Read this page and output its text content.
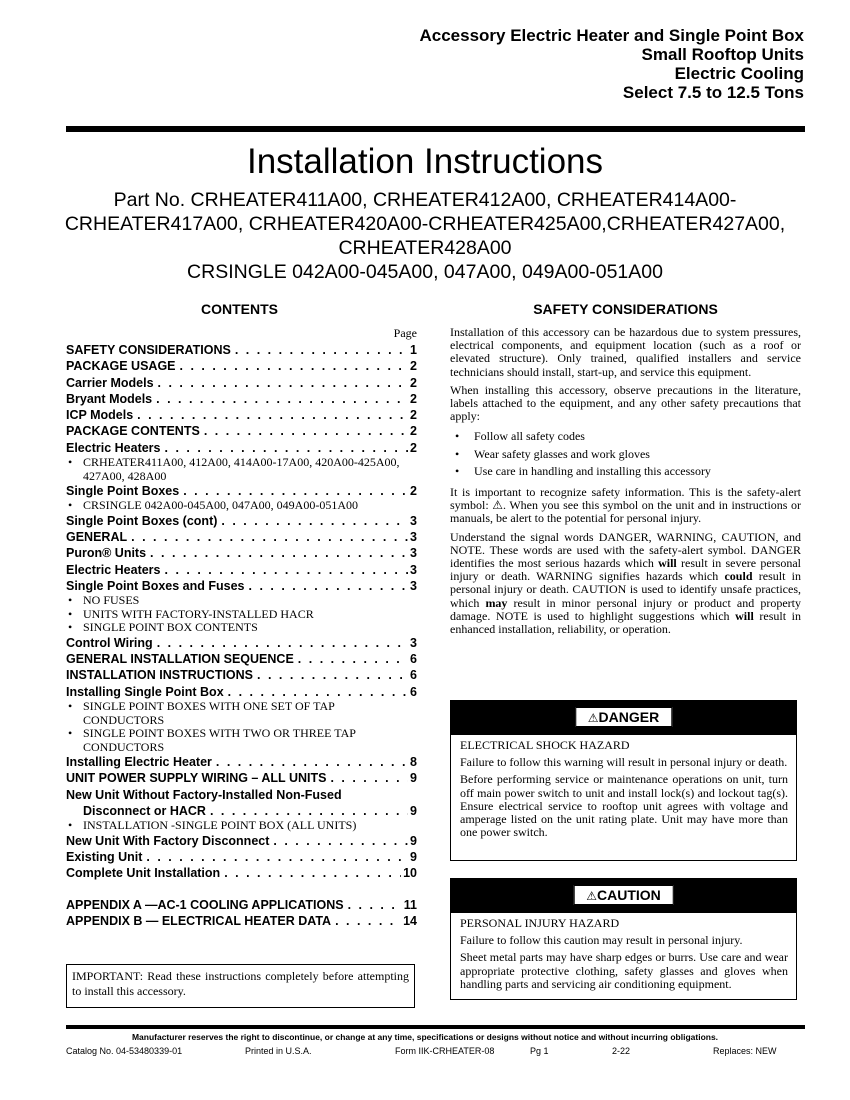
Accessory Electric Heater and Single Point Box
Small Rooftop Units
Electric Cooling
Select 7.5 to 12.5 Tons
Installation Instructions
Part No. CRHEATER411A00, CRHEATER412A00, CRHEATER414A00-
CRHEATER417A00, CRHEATER420A00-CRHEATER425A00,CRHEATER427A00,
CRHEATER428A00
CRSINGLE 042A00-045A00, 047A00, 049A00-051A00
CONTENTS
Page
SAFETY CONSIDERATIONS . . .	1
PACKAGE USAGE . . .	2
Carrier Models . . .	2
Bryant Models . . .	2
ICP Models . . .	2
PACKAGE CONTENTS . . .	2
Electric Heaters . . .	2
• CRHEATER411A00, 412A00, 414A00-17A00, 420A00-425A00, 427A00, 428A00
Single Point Boxes . . .	2
• CRSINGLE 042A00-045A00, 047A00, 049A00-051A00
Single Point Boxes (cont) . . .	3
GENERAL . . .	3
Puron® Units . . .	3
Electric Heaters . . .	3
Single Point Boxes and Fuses . . .	3
• NO FUSES
• UNITS WITH FACTORY-INSTALLED HACR
• SINGLE POINT BOX CONTENTS
Control Wiring . . .	3
GENERAL INSTALLATION SEQUENCE . . .	6
INSTALLATION INSTRUCTIONS . . .	6
Installing Single Point Box . . .	6
• SINGLE POINT BOXES WITH ONE SET OF TAP CONDUCTORS
• SINGLE POINT BOXES WITH TWO OR THREE TAP CONDUCTORS
Installing Electric Heater . . .	8
UNIT POWER SUPPLY WIRING – ALL UNITS . . .	9
New Unit Without Factory-Installed Non-Fused
Disconnect or HACR . . .	9
• INSTALLATION -SINGLE POINT BOX (ALL UNITS)
New Unit With Factory Disconnect . . .	9
Existing Unit . . .	9
Complete Unit Installation . . .	10
APPENDIX A —AC-1 COOLING APPLICATIONS . . .	11
APPENDIX B — ELECTRICAL HEATER DATA . . .	14
IMPORTANT: Read these instructions completely before attempting to install this accessory.
SAFETY CONSIDERATIONS

Installation of this accessory can be hazardous due to system pressures, electrical components, and equipment location (such as a roof or elevated structure). Only trained, qualified installers and service technicians should install, start-up, and service this equipment.

When installing this accessory, observe precautions in the literature, labels attached to the equipment, and any other safety precautions that apply:

• Follow all safety codes
• Wear safety glasses and work gloves
• Use care in handling and installing this accessory

It is important to recognize safety information. This is the safety-alert symbol: ⚠. When you see this symbol on the unit and in instructions or manuals, be alert to the potential for personal injury.

Understand the signal words DANGER, WARNING, CAUTION, and NOTE. These words are used with the safety-alert symbol. DANGER identifies the most serious hazards which will result in severe personal injury or death. WARNING signifies hazards which could result in personal injury or death. CAUTION is used to identify unsafe practices, which may result in minor personal injury or product and property damage. NOTE is used to highlight suggestions which will result in enhanced installation, reliability, or operation.

⚠DANGER

ELECTRICAL SHOCK HAZARD

Failure to follow this warning will result in personal injury or death.

Before performing service or maintenance operations on unit, turn off main power switch to unit and install lock(s) and lockout tag(s). Ensure electrical service to rooftop unit agrees with voltage and amperage listed on the unit rating plate. Unit may have more than one power switch.

⚠CAUTION

PERSONAL INJURY HAZARD

Failure to follow this caution may result in personal injury.

Sheet metal parts may have sharp edges or burrs. Use care and wear appropriate protective clothing, safety glasses and gloves when handling parts and servicing air conditioning equipment.

Manufacturer reserves the right to discontinue, or change at any time, specifications or designs without notice and without incurring obligations.
Catalog No. 04-53480339-01	Printed in U.S.A.	Form IIK-CRHEATER-08	Pg 1	2-22	Replaces: NEW
